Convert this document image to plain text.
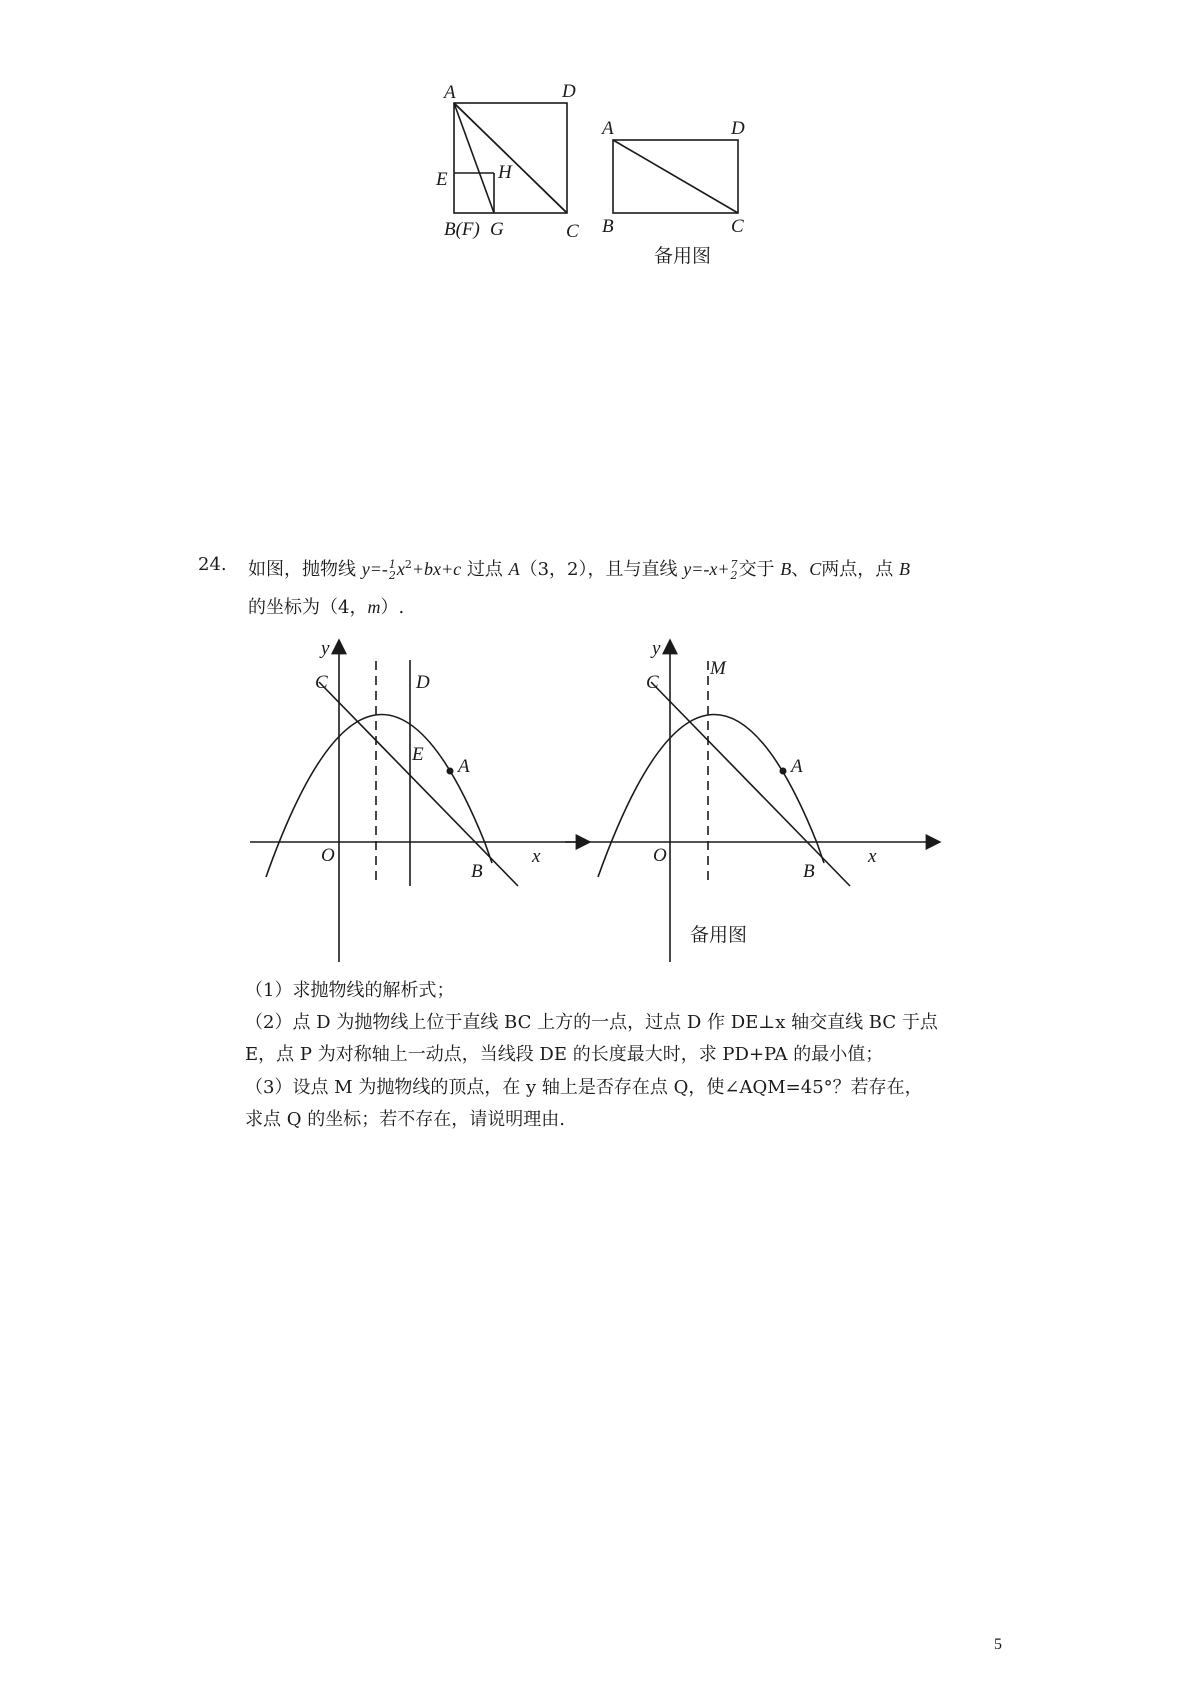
A	D
E	H
B(F) G	C
A	D
B	C
备用图
24. 如图，抛物线 y=- 1
2 $x^2+bx+c$ 过点 A（3，2），且与直线 y=-x+ 7
2 交于 B、C两点，点 B
的坐标为（4，m）.
y
C	D
A
E
O
B
x
y
M
C
A
O
B
x
备用图
（1）求抛物线的解析式；
（2）点 D 为抛物线上位于直线 BC 上方的一点，过点 D 作 DE⊥x 轴交直线 BC 于点
E，点 P 为对称轴上一动点，当线段 DE 的长度最大时，求 PD+PA 的最小值；
（3）设点 M 为抛物线的顶点，在 y 轴上是否存在点 Q，使∠AQM=45°？若存在，
求点 Q 的坐标；若不存在，请说明理由.
5
